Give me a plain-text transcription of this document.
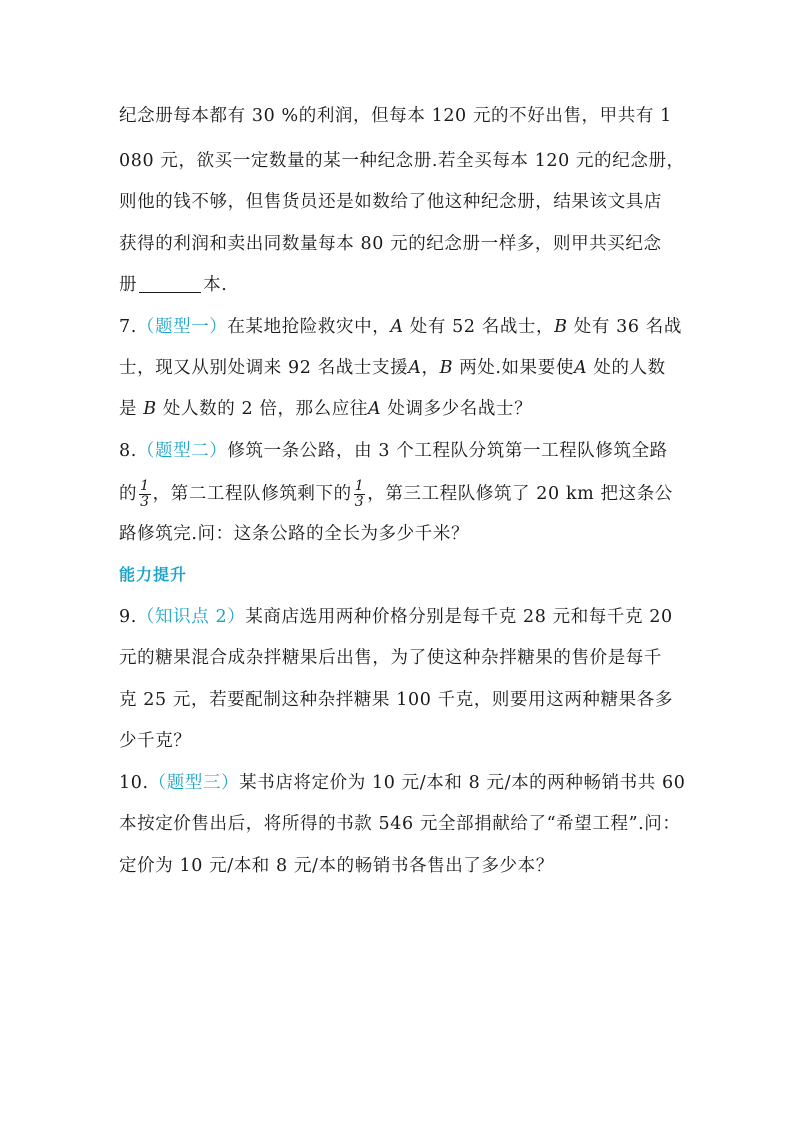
纪念册每本都有 30 %的利润，但每本 120 元的不好出售，甲共有 1
080 元，欲买一定数量的某一种纪念册.若全买每本 120 元的纪念册，
则他的钱不够，但售货员还是如数给了他这种纪念册，结果该文具店
获得的利润和卖出同数量每本 80 元的纪念册一样多，则甲共买纪念
册	本.
7.（题型一）在某地抢险救灾中，A 处有 52 名战士，B 处有 36 名战
士，现又从别处调来 92 名战士支援A，B 两处.如果要使A 处的人数
是 B 处人数的 2 倍，那么应往A 处调多少名战士？
8.（题型二）修筑一条公路，由 3 个工程队分筑第一工程队修筑全路
的 $\frac{1}{3}$ ，第二工程队修筑剩下的 $\frac{1}{3}$ ，第三工程队修筑了 20 km 把这条公
路修筑完.问：这条公路的全长为多少千米？
能力提升
9.（知识点 2）某商店选用两种价格分别是每千克 28 元和每千克 20
元的糖果混合成杂拌糖果后出售，为了使这种杂拌糖果的售价是每千
克 25 元，若要配制这种杂拌糖果 100 千克，则要用这两种糖果各多
少千克？
10.（题型三）某书店将定价为 10 元/本和 8 元/本的两种畅销书共 60
本按定价售出后，将所得的书款 546 元全部捐献给了“希望工程”.问：
定价为 10 元/本和 8 元/本的畅销书各售出了多少本？
